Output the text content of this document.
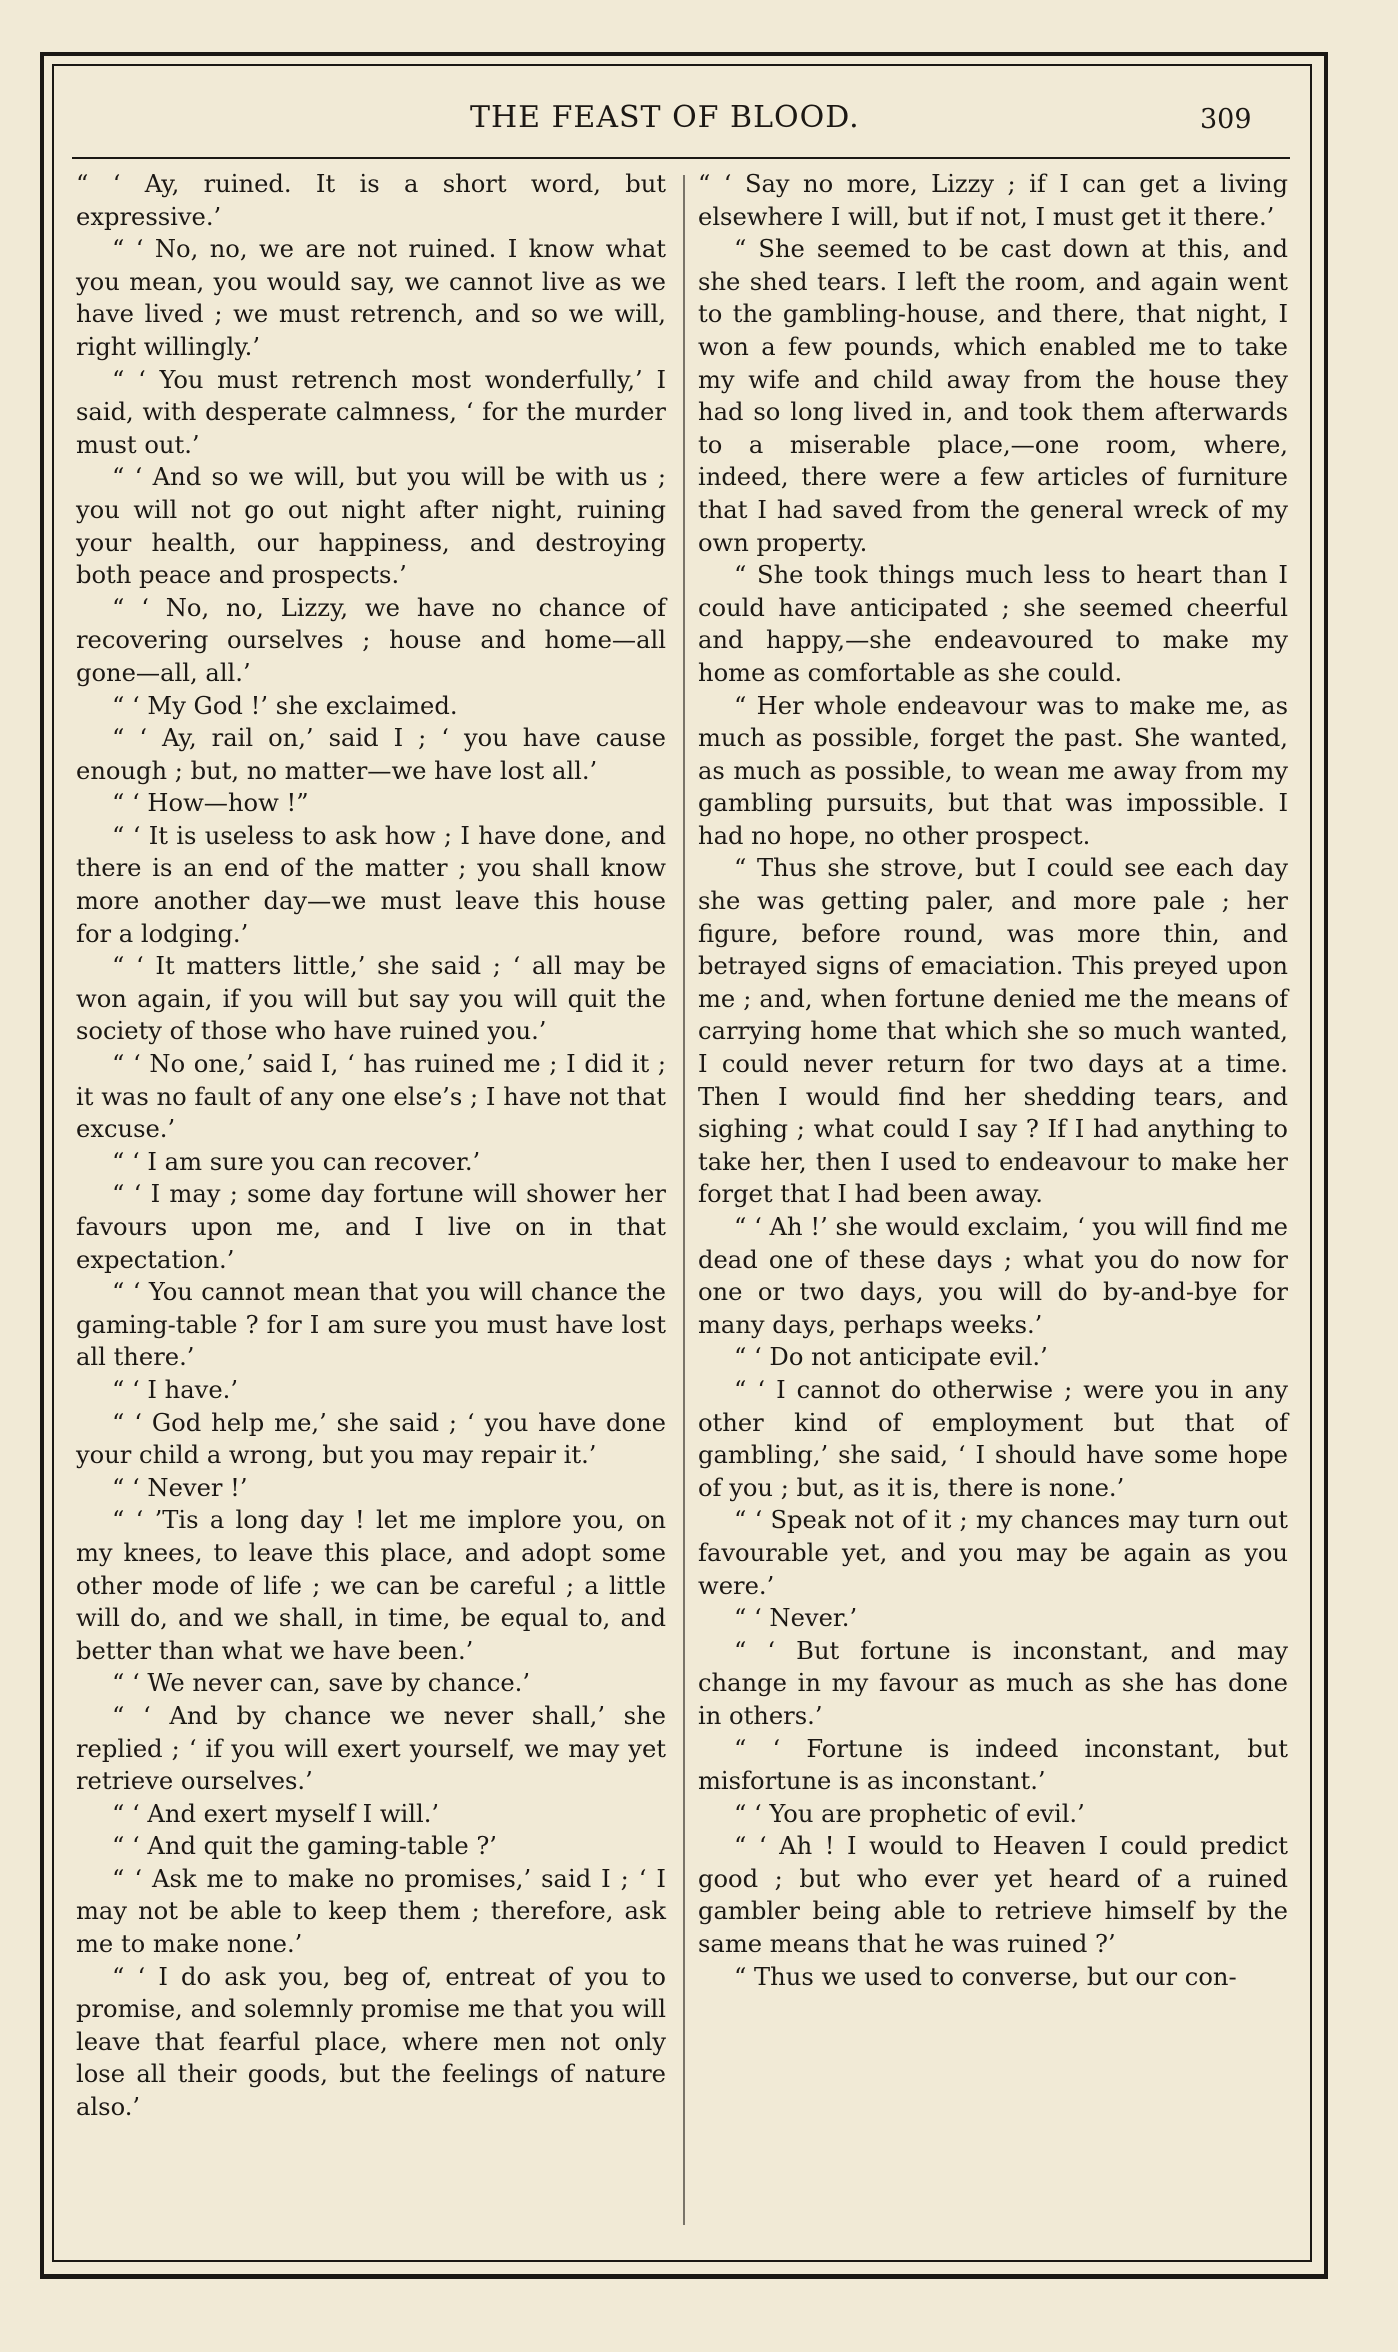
THE FEAST OF BLOOD.	309

“ ‘ Ay, ruined. It is a short word, but expressive.’

“ ‘ No, no, we are not ruined. I know what you mean, you would say, we cannot live as we have lived ; we must retrench, and so we will, right willingly.’

“ ‘ You must retrench most wonderfully,’ I said, with desperate calmness, ‘ for the murder must out.’

“ ‘ And so we will, but you will be with us ; you will not go out night after night, ruining your health, our happiness, and destroying both peace and prospects.’

“ ‘ No, no, Lizzy, we have no chance of recovering ourselves ; house and home—all gone—all, all.’

“ ‘ My God !’ she exclaimed.

“ ‘ Ay, rail on,’ said I ; ‘ you have cause enough ; but, no matter—we have lost all.’

“ ‘ How—how !”

“ ‘ It is useless to ask how ; I have done, and there is an end of the matter ; you shall know more another day—we must leave this house for a lodging.’

“ ‘ It matters little,’ she said ; ‘ all may be won again, if you will but say you will quit the society of those who have ruined you.’

“ ‘ No one,’ said I, ‘ has ruined me ; I did it ; it was no fault of any one else’s ; I have not that excuse.’

“ ‘ I am sure you can recover.’

“ ‘ I may ; some day fortune will shower her favours upon me, and I live on in that expectation.’

“ ‘ You cannot mean that you will chance the gaming-table ? for I am sure you must have lost all there.’

“ ‘ I have.’

“ ‘ God help me,’ she said ; ‘ you have done your child a wrong, but you may repair it.’

“ ‘ Never !’

“ ‘ ’Tis a long day ! let me implore you, on my knees, to leave this place, and adopt some other mode of life ; we can be careful ; a little will do, and we shall, in time, be equal to, and better than what we have been.’

“ ‘ We never can, save by chance.’

“ ‘ And by chance we never shall,’ she replied ; ‘ if you will exert yourself, we may yet retrieve ourselves.’

“ ‘ And exert myself I will.’

“ ‘ And quit the gaming-table ?’

“ ‘ Ask me to make no promises,’ said I ; ‘ I may not be able to keep them ; therefore, ask me to make none.’

“ ‘ I do ask you, beg of, entreat of you to promise, and solemnly promise me that you will leave that fearful place, where men not only lose all their goods, but the feelings of nature also.’

“ ‘ Say no more, Lizzy ; if I can get a living elsewhere I will, but if not, I must get it there.’

“ She seemed to be cast down at this, and she shed tears. I left the room, and again went to the gambling-house, and there, that night, I won a few pounds, which enabled me to take my wife and child away from the house they had so long lived in, and took them afterwards to a miserable place,—one room, where, indeed, there were a few articles of furniture that I had saved from the general wreck of my own property.

“ She took things much less to heart than I could have anticipated ; she seemed cheerful and happy,—she endeavoured to make my home as comfortable as she could.

“ Her whole endeavour was to make me, as much as possible, forget the past. She wanted, as much as possible, to wean me away from my gambling pursuits, but that was impossible. I had no hope, no other prospect.

“ Thus she strove, but I could see each day she was getting paler, and more pale ; her figure, before round, was more thin, and betrayed signs of emaciation. This preyed upon me ; and, when fortune denied me the means of carrying home that which she so much wanted, I could never return for two days at a time. Then I would find her shedding tears, and sighing ; what could I say ? If I had anything to take her, then I used to endeavour to make her forget that I had been away.

“ ‘ Ah !’ she would exclaim, ‘ you will find me dead one of these days ; what you do now for one or two days, you will do by-and-bye for many days, perhaps weeks.’

“ ‘ Do not anticipate evil.’

“ ‘ I cannot do otherwise ; were you in any other kind of employment but that of gambling,’ she said, ‘ I should have some hope of you ; but, as it is, there is none.’

“ ‘ Speak not of it ; my chances may turn out favourable yet, and you may be again as you were.’

“ ‘ Never.’

“ ‘ But fortune is inconstant, and may change in my favour as much as she has done in others.’

“ ‘ Fortune is indeed inconstant, but misfortune is as inconstant.’

“ ‘ You are prophetic of evil.’

“ ‘ Ah ! I would to Heaven I could predict good ; but who ever yet heard of a ruined gambler being able to retrieve himself by the same means that he was ruined ?’

“ Thus we used to converse, but our con-
